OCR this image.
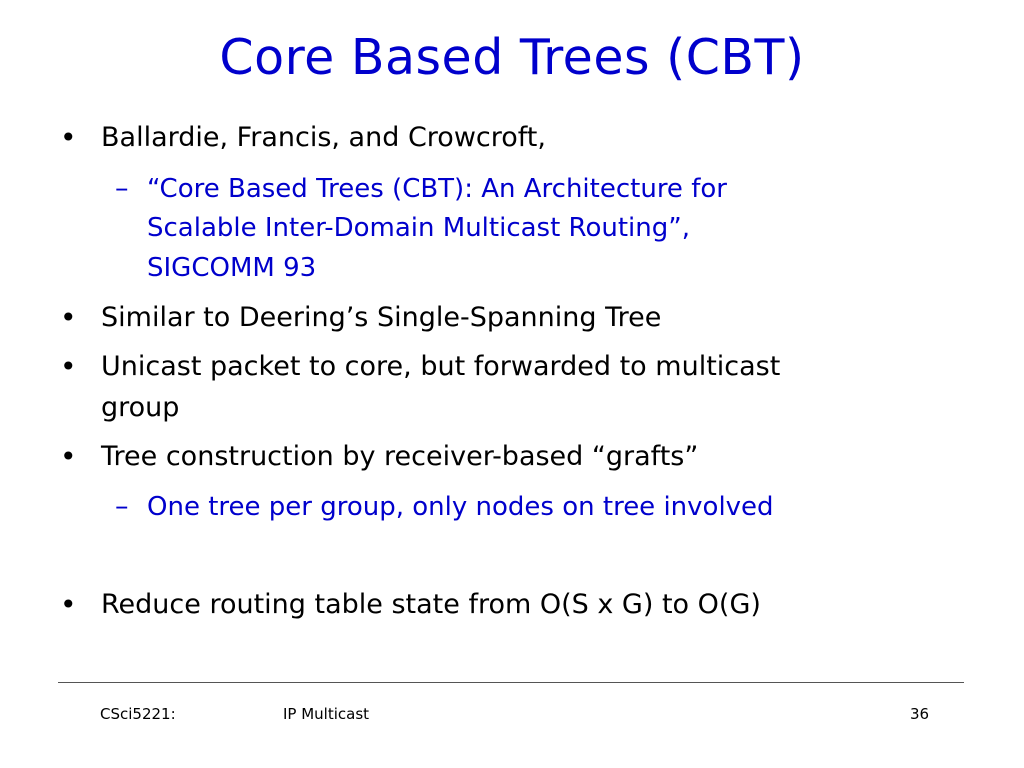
Core Based Trees (CBT)
• Ballardie, Francis, and Crowcroft,
– “Core Based Trees (CBT): An Architecture for
Scalable Inter-Domain Multicast Routing”,
SIGCOMM 93
• Similar to Deering’s Single-Spanning Tree
• Unicast packet to core, but forwarded to multicast
group
• Tree construction by receiver-based “grafts”
– One tree per group, only nodes on tree involved
• Reduce routing table state from O(S x G) to O(G)
CSci5221:	IP Multicast	36
